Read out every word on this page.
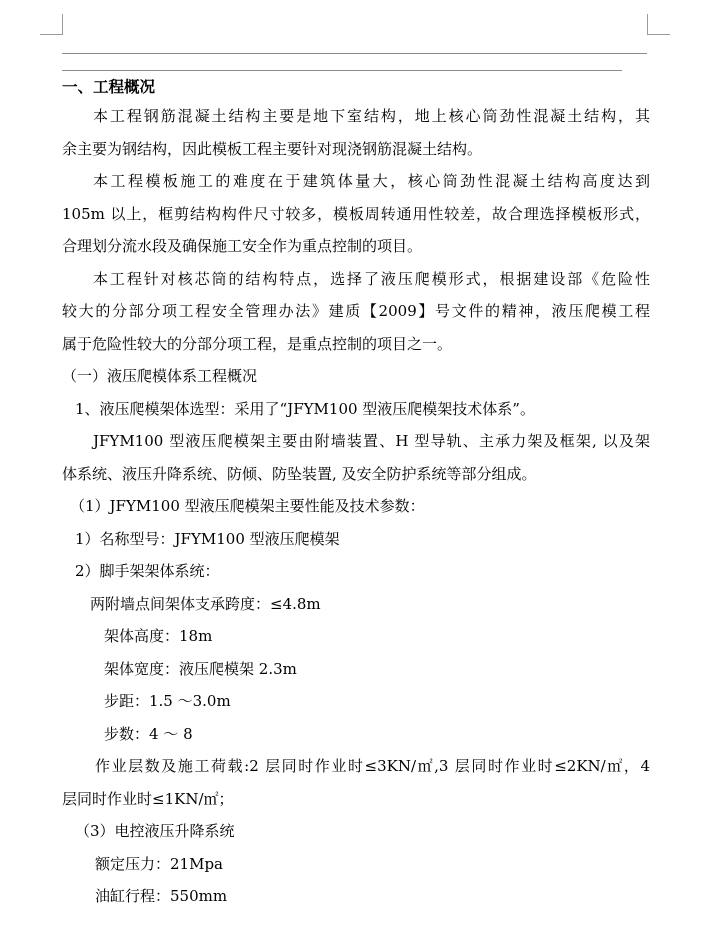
一、工程概况

本工程钢筋混凝土结构主要是地下室结构，地上核心筒劲性混凝土结构，其

余主要为钢结构，因此模板工程主要针对现浇钢筋混凝土结构。

本工程模板施工的难度在于建筑体量大，核心筒劲性混凝土结构高度达到

105m 以上，框剪结构构件尺寸较多，模板周转通用性较差，故合理选择模板形式，

合理划分流水段及确保施工安全作为重点控制的项目。

本工程针对核芯筒的结构特点，选择了液压爬模形式，根据建设部《危险性

较大的分部分项工程安全管理办法》建质【2009】号文件的精神，液压爬模工程

属于危险性较大的分部分项工程，是重点控制的项目之一。

（一）液压爬模体系工程概况

1、液压爬模架体选型：采用了“JFYM100 型液压爬模架技术体系”。

JFYM100 型液压爬模架主要由附墙装置、H 型导轨、主承力架及框架, 以及架

体系统、液压升降系统、防倾、防坠装置, 及安全防护系统等部分组成。

（1）JFYM100 型液压爬模架主要性能及技术参数：

1）名称型号：JFYM100 型液压爬模架

2）脚手架架体系统：

两附墙点间架体支承跨度：≤4.8m

架体高度：18m

架体宽度：液压爬模架 2.3m

步距：1.5 ～3.0m

步数：4 ～ 8

作业层数及施工荷载:2 层同时作业时≤3KN/㎡,3 层同时作业时≤2KN/㎡，4

层同时作业时≤1KN/㎡；

（3）电控液压升降系统

额定压力：21Mpa

油缸行程：550mm
